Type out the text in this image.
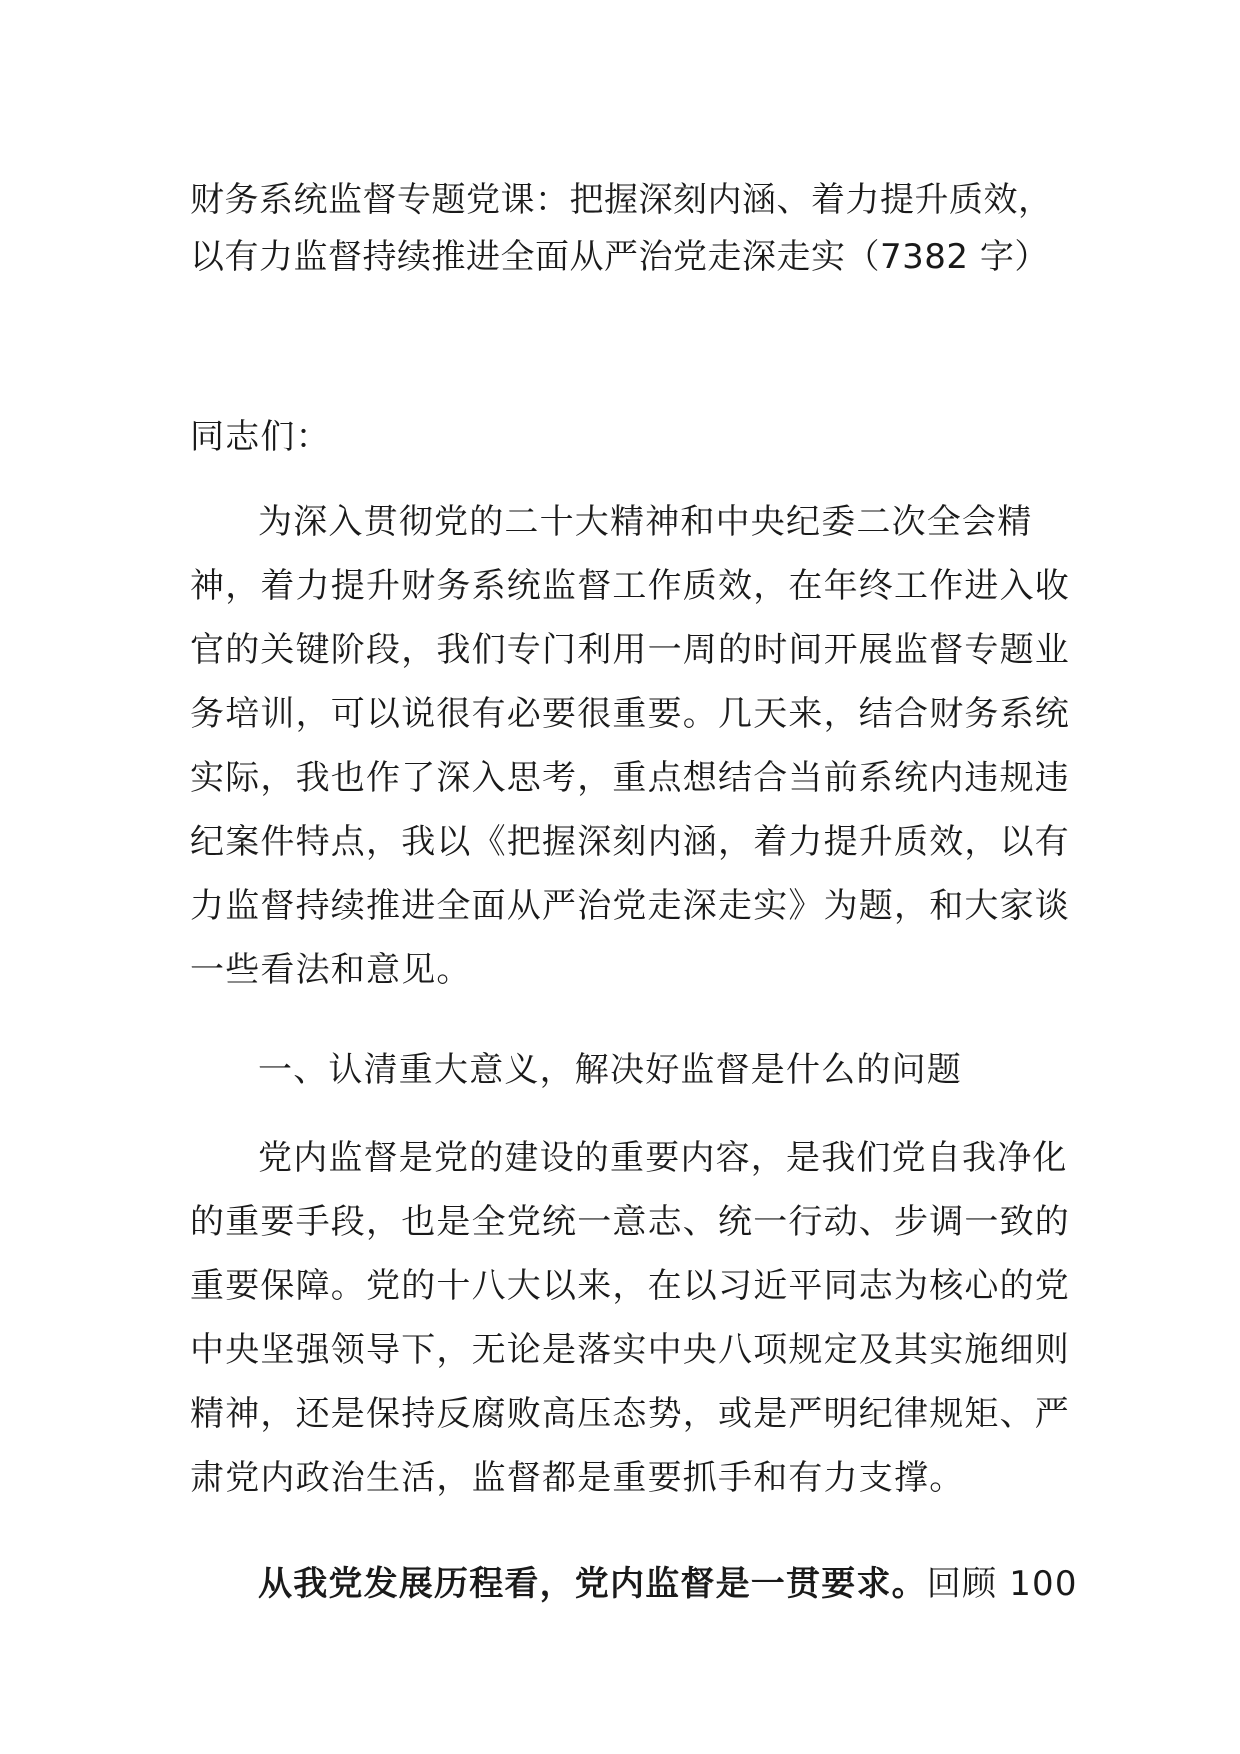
财务系统监督专题党课：把握深刻内涵、着力提升质效，
以有力监督持续推进全面从严治党走深走实（7382 字）

同志们：

为深入贯彻党的二十大精神和中央纪委二次全会精
神，着力提升财务系统监督工作质效，在年终工作进入收
官的关键阶段，我们专门利用一周的时间开展监督专题业
务培训，可以说很有必要很重要。几天来，结合财务系统
实际，我也作了深入思考，重点想结合当前系统内违规违
纪案件特点，我以《把握深刻内涵，着力提升质效，以有
力监督持续推进全面从严治党走深走实》为题，和大家谈
一些看法和意见。

一、认清重大意义，解决好监督是什么的问题

党内监督是党的建设的重要内容，是我们党自我净化
的重要手段，也是全党统一意志、统一行动、步调一致的
重要保障。党的十八大以来，在以习近平同志为核心的党
中央坚强领导下，无论是落实中央八项规定及其实施细则
精神，还是保持反腐败高压态势，或是严明纪律规矩、严
肃党内政治生活，监督都是重要抓手和有力支撑。

从我党发展历程看，党内监督是一贯要求。回顾 100
